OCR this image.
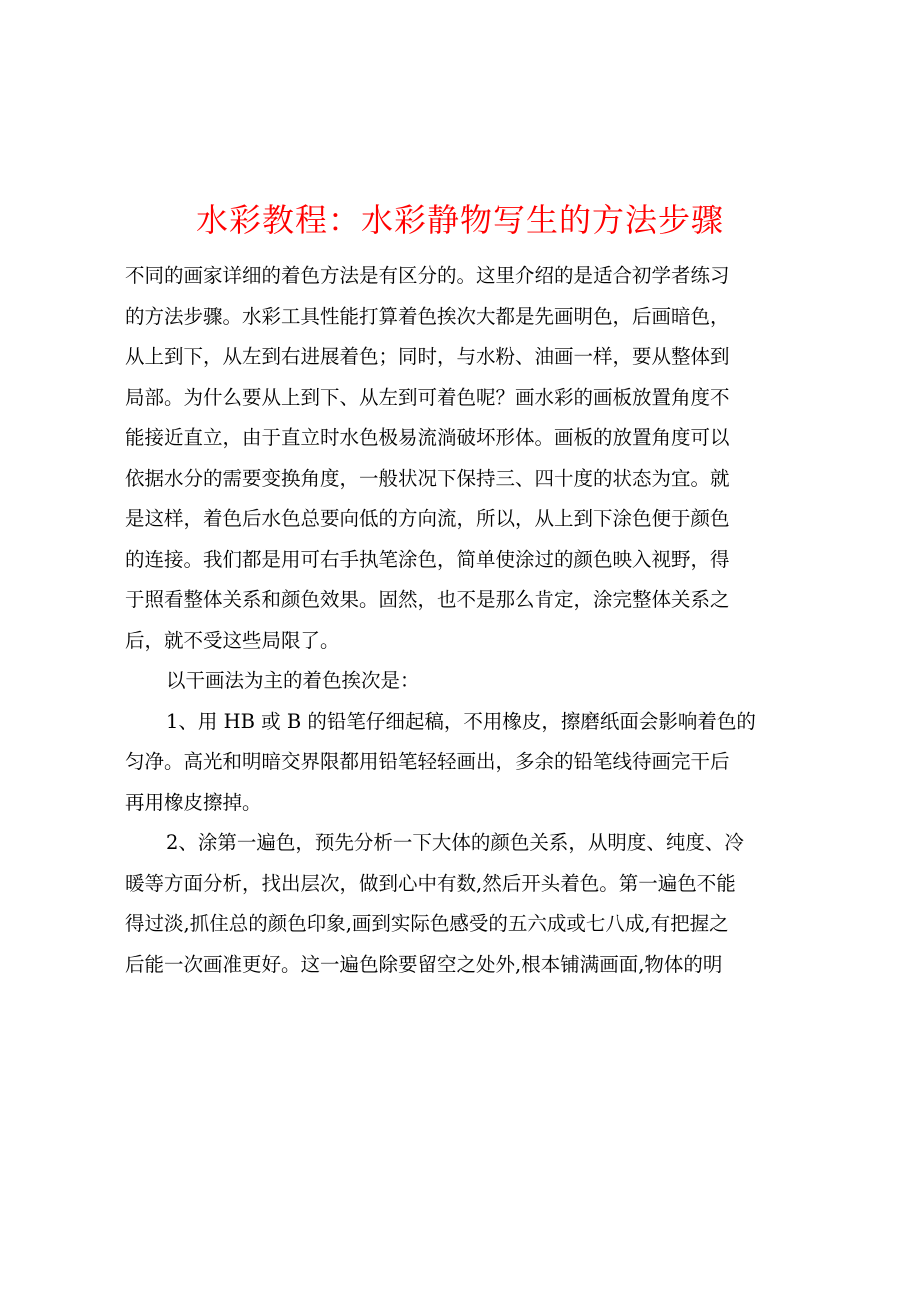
水彩教程：水彩静物写生的方法步骤
不同的画家详细的着色方法是有区分的。这里介绍的是适合初学者练习
的方法步骤。水彩工具性能打算着色挨次大都是先画明色，后画暗色，
从上到下，从左到右进展着色；同时，与水粉、油画一样，要从整体到
局部。为什么要从上到下、从左到可着色呢？画水彩的画板放置角度不
能接近直立，由于直立时水色极易流淌破坏形体。画板的放置角度可以
依据水分的需要变换角度，一般状况下保持三、四十度的状态为宜。就
是这样，着色后水色总要向低的方向流，所以，从上到下涂色便于颜色
的连接。我们都是用可右手执笔涂色，简单使涂过的颜色映入视野，得
于照看整体关系和颜色效果。固然，也不是那么肯定，涂完整体关系之
后，就不受这些局限了。
以干画法为主的着色挨次是：
1、用 HB 或 B 的铅笔仔细起稿，不用橡皮，擦磨纸面会影响着色的
匀净。高光和明暗交界限都用铅笔轻轻画出，多余的铅笔线待画完干后
再用橡皮擦掉。
2、涂第一遍色，预先分析一下大体的颜色关系，从明度、纯度、冷
暖等方面分析，找出层次，做到心中有数,然后开头着色。第一遍色不能
得过淡,抓住总的颜色印象,画到实际色感受的五六成或七八成,有把握之
后能一次画准更好。这一遍色除要留空之处外,根本铺满画面,物体的明
